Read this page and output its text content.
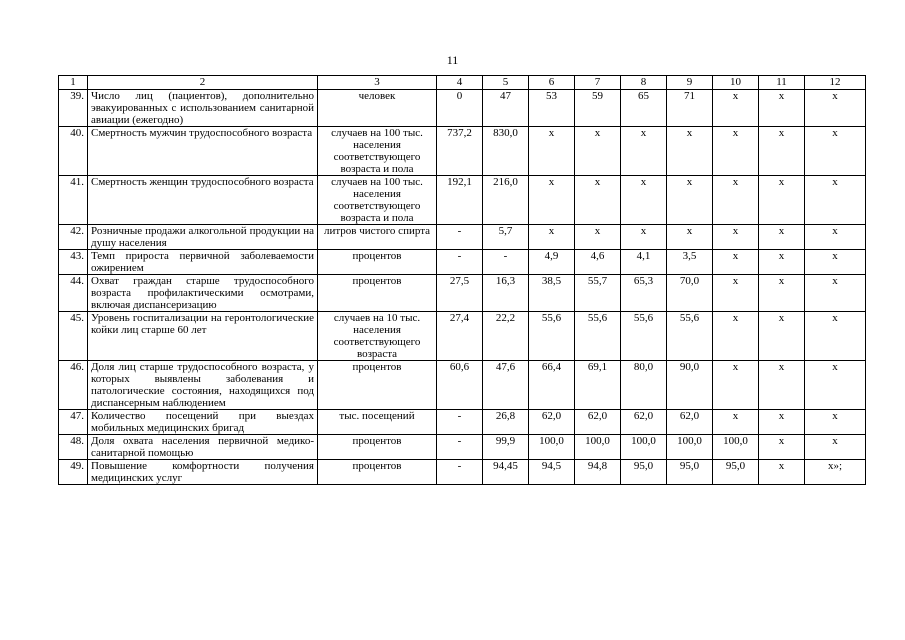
11
1	2	3	4	5	6	7	8	9	10	11	12
39.	Число лиц (пациентов), дополнительно эвакуированных с использованием санитарной авиации (ежегодно)	человек	0	47	53	59	65	71	x	x	x
40.	Смертность мужчин трудоспособного возраста	случаев на 100 тыс. населения соответствующего возраста и пола	737,2	830,0	x	x	x	x	x	x	x
41.	Смертность женщин трудоспособного возраста	случаев на 100 тыс. населения соответствующего возраста и пола	192,1	216,0	x	x	x	x	x	x	x
42.	Розничные продажи алкогольной продукции на душу населения	литров чистого спирта	-	5,7	x	x	x	x	x	x	x
43.	Темп прироста первичной заболеваемости ожирением	процентов	-	-	4,9	4,6	4,1	3,5	x	x	x
44.	Охват граждан старше трудоспособного возраста профилактическими осмотрами, включая диспансеризацию	процентов	27,5	16,3	38,5	55,7	65,3	70,0	x	x	x
45.	Уровень госпитализации на геронтологические койки лиц старше 60 лет	случаев на 10 тыс. населения соответствующего возраста	27,4	22,2	55,6	55,6	55,6	55,6	x	x	x
46.	Доля лиц старше трудоспособного возраста, у которых выявлены заболевания и патологические состояния, находящихся под диспансерным наблюдением	процентов	60,6	47,6	66,4	69,1	80,0	90,0	x	x	x
47.	Количество посещений при выездах мобильных медицинских бригад	тыс. посещений	-	26,8	62,0	62,0	62,0	62,0	x	x	x
48.	Доля охвата населения первичной медико-санитарной помощью	процентов	-	99,9	100,0	100,0	100,0	100,0	100,0	x	x
49.	Повышение комфортности получения медицинских услуг	процентов	-	94,45	94,5	94,8	95,0	95,0	95,0	x	x»;
